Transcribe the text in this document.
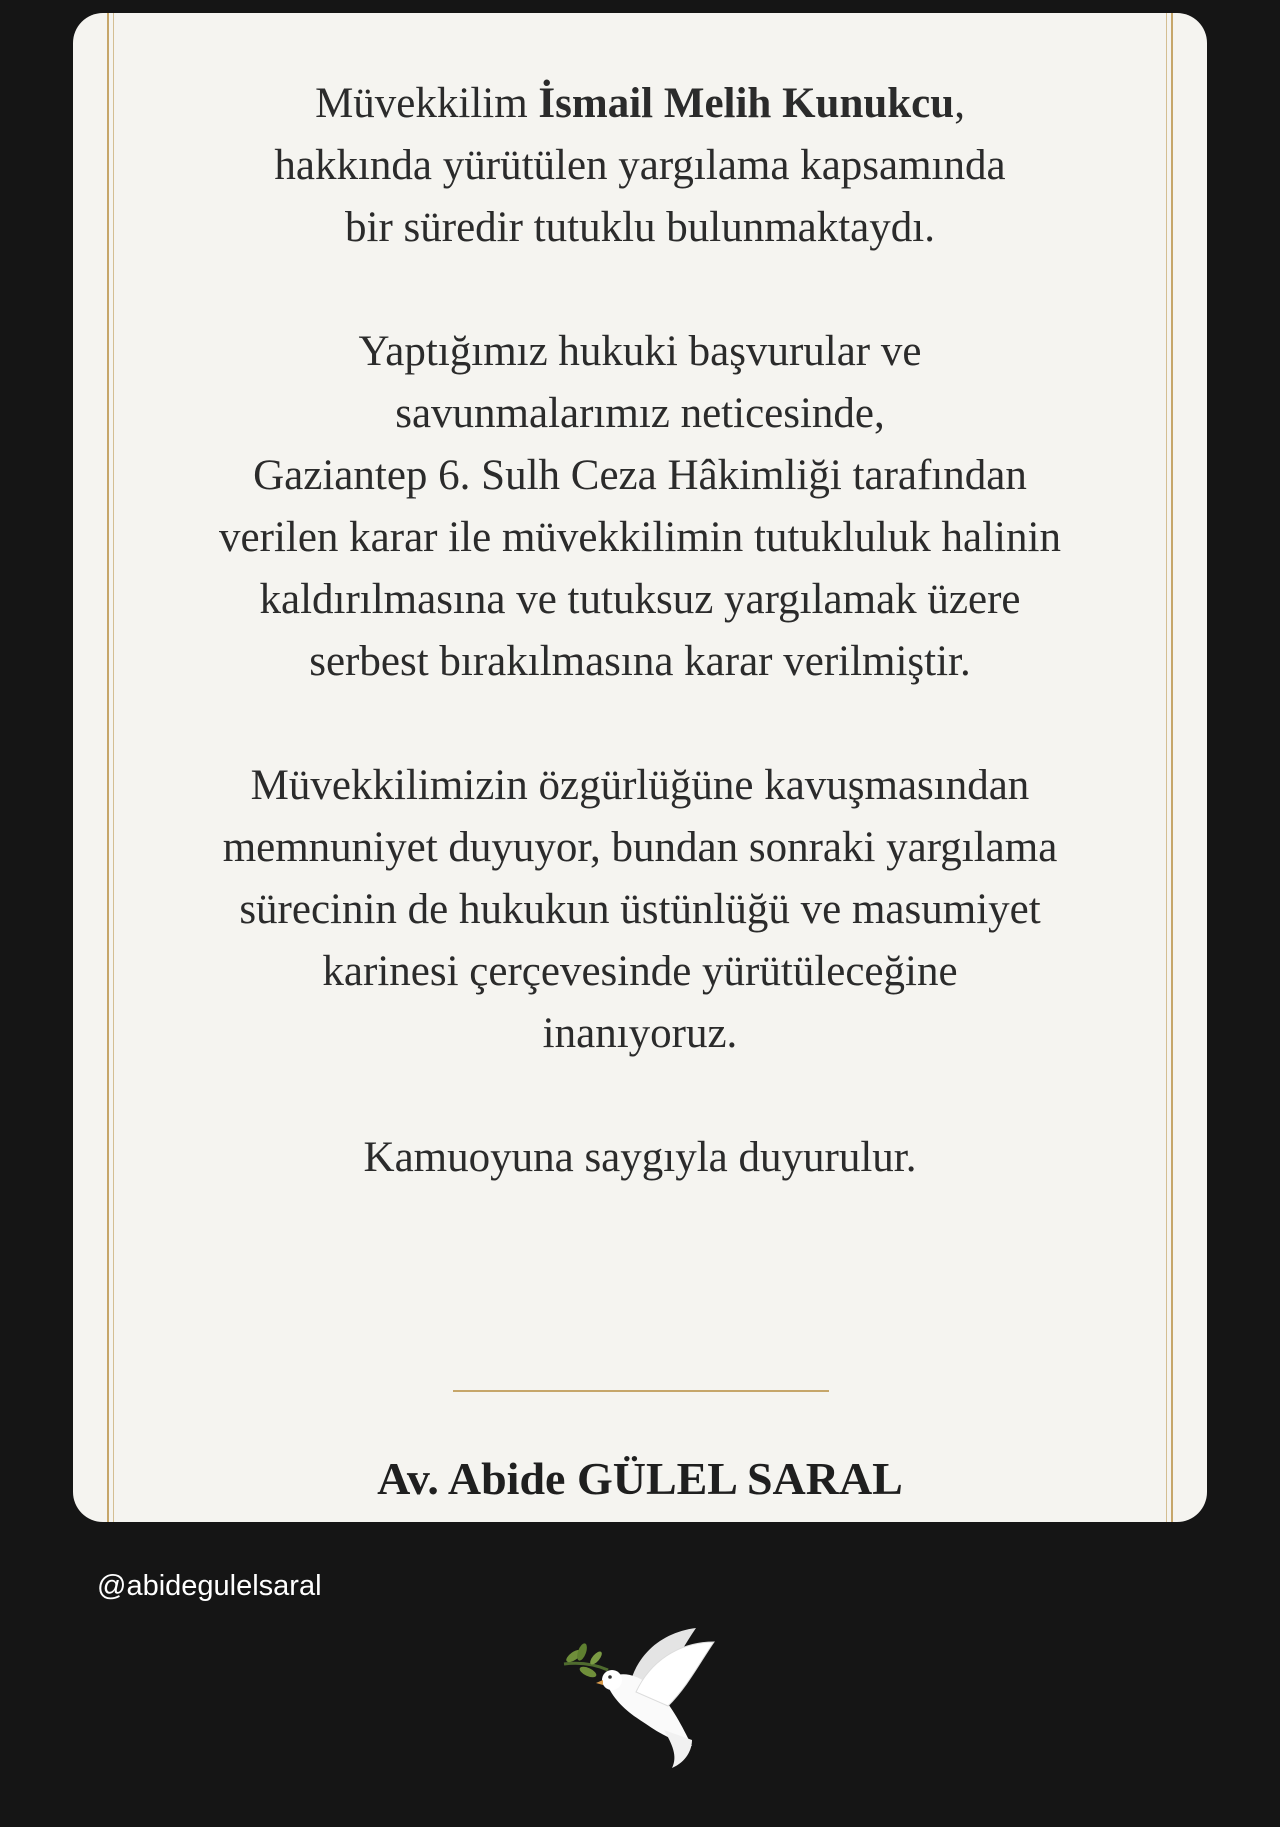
Müvekkilim İsmail Melih Kunukcu,
hakkında yürütülen yargılama kapsamında
bir süredir tutuklu bulunmaktaydı.

Yaptığımız hukuki başvurular ve
savunmalarımız neticesinde,
Gaziantep 6. Sulh Ceza Hâkimliği tarafından
verilen karar ile müvekkilimin tutukluluk halinin
kaldırılmasına ve tutuksuz yargılamak üzere
serbest bırakılmasına karar verilmiştir.

Müvekkilimizin özgürlüğüne kavuşmasından
memnuniyet duyuyor, bundan sonraki yargılama
sürecinin de hukukun üstünlüğü ve masumiyet
karinesi çerçevesinde yürütüleceğine
inanıyoruz.

Kamuoyuna saygıyla duyurulur.

Av. Abide GÜLEL SARAL
@abidegulelsaral
